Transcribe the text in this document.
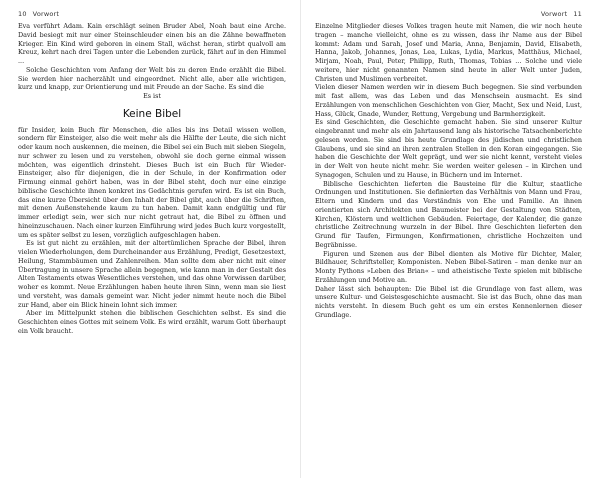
10 Vorwort

Eva verführt Adam. Kain erschlägt seinen Bruder Abel, Noah baut eine Arche. David besiegt mit nur einer Steinschleuder einen bis an die Zähne bewaffneten Krieger. Ein Kind wird geboren in einem Stall, wächst heran, stirbt qualvoll am Kreuz, kehrt nach drei Tagen unter die Lebenden zurück, fährt auf in den Himmel ...

Solche Geschichten vom Anfang der Welt bis zu deren Ende erzählt die Bibel. Sie werden hier nacherzählt und eingeordnet. Nicht alle, aber alle wichtigen, kurz und knapp, zur Orientierung und mit Freude an der Sache. Es sind die

Es ist

Keine Bibel

für Insider, kein Buch für Menschen, die alles bis ins Detail wissen wollen, sondern für Einsteiger, also die weit mehr als die Hälfte der Leute, die sich nicht oder kaum noch auskennen, die meinen, die Bibel sei ein Buch mit sieben Siegeln, nur schwer zu lesen und zu verstehen, obwohl sie doch gerne einmal wissen möchten, was eigentlich drinsteht. Dieses Buch ist ein Buch für Wieder-Einsteiger, also für diejenigen, die in der Schule, in der Konfirmation oder Firmung einmal gehört haben, was in der Bibel steht, doch nur eine einzige biblische Geschichte ihnen konkret ins Gedächtnis gerufen wird. Es ist ein Buch, das eine kurze Übersicht über den Inhalt der Bibel gibt, auch über die Schriften, mit denen Außenstehende kaum zu tun haben. Damit kann endgültig und für immer erledigt sein, wer sich nur nicht getraut hat, die Bibel zu öffnen und hineinzuschauen. Nach einer kurzen Einführung wird jedes Buch kurz vorgestellt, um es später selbst zu lesen, vorzüglich aufgeschlagen haben.

Es ist gut nicht zu erzählen, mit der altertümlichen Sprache der Bibel, ihren vielen Wiederholungen, dem Durcheinander aus Erzählung, Predigt, Gesetzestext, Heilung, Stammbäumen und Zahlenreihen. Man sollte dem aber nicht mit einer Übertragung in unsere Sprache allein begegnen, wie kann man in der Gestalt des Alten Testaments etwas Wesentliches verstehen, und das ohne Vorwissen darüber, woher es kommt. Neue Erzählungen haben heute ihren Sinn, wenn man sie liest und versteht, was damals gemeint war. Nicht jeder nimmt heute noch die Bibel zur Hand, aber ein Blick hinein lohnt sich immer.

Aber im Mittelpunkt stehen die biblischen Geschichten selbst. Es sind die Geschichten eines Gottes mit seinem Volk. Es wird erzählt, warum Gott überhaupt ein Volk braucht.

Vorwort 11

Einzelne Mitglieder dieses Volkes tragen heute mit Namen, die wir noch heute tragen – manche vielleicht, ohne es zu wissen, dass ihr Name aus der Bibel kommt: Adam und Sarah, Josef und Maria, Anna, Benjamin, David, Elisabeth, Hanna, Jakob, Johannes, Jonas, Lea, Lukas, Lydia, Markus, Matthäus, Michael, Mirjam, Noah, Paul, Peter, Philipp, Ruth, Thomas, Tobias ... Solche und viele weitere, hier nicht genannten Namen sind heute in aller Welt unter Juden, Christen und Muslimen verbreitet.

Vielen dieser Namen werden wir in diesem Buch begegnen. Sie sind verbunden mit fast allem, was das Leben und das Menschsein ausmacht. Es sind Erzählungen von menschlichen Geschichten von Gier, Macht, Sex und Neid, Lust, Hass, Glück, Gnade, Wunder, Rettung, Vergebung und Barmherzigkeit.

Es sind Geschichten, die Geschichte gemacht haben. Sie sind unserer Kultur eingebrannt und mehr als ein Jahrtausend lang als historische Tatsachenberichte gelesen worden. Sie sind bis heute Grundlage des jüdischen und christlichen Glaubens, und sie sind an ihren zentralen Stellen in den Koran eingegangen. Sie haben die Geschichte der Welt geprägt, und wer sie nicht kennt, versteht vieles in der Welt von heute nicht mehr. Sie werden weiter gelesen – in Kirchen und Synagogen, Schulen und zu Hause, in Büchern und im Internet.

Biblische Geschichten lieferten die Bausteine für die Kultur, staatliche Ordnungen und Institutionen. Sie definierten das Verhältnis von Mann und Frau, Eltern und Kindern und das Verständnis von Ehe und Familie. An ihnen orientierten sich Architekten und Baumeister bei der Gestaltung von Städten, Kirchen, Klöstern und weltlichen Gebäuden. Feiertage, der Kalender, die ganze christliche Zeitrechnung wurzeln in der Bibel. Ihre Geschichten lieferten den Grund für Taufen, Firmungen, Konfirmationen, christliche Hochzeiten und Begräbnisse.

Figuren und Szenen aus der Bibel dienten als Motive für Dichter, Maler, Bildhauer, Schriftsteller, Komponisten. Neben Bibel-Satiren – man denke nur an Monty Pythons »Leben des Brian« – und atheistische Texte spielen mit biblische Erzählungen und Motive an.

Daher lässt sich behaupten: Die Bibel ist die Grundlage von fast allem, was unsere Kultur- und Geistesgeschichte ausmacht. Sie ist das Buch, ohne das man nichts versteht. In diesem Buch geht es um ein erstes Kennenlernen dieser Grundlage.
